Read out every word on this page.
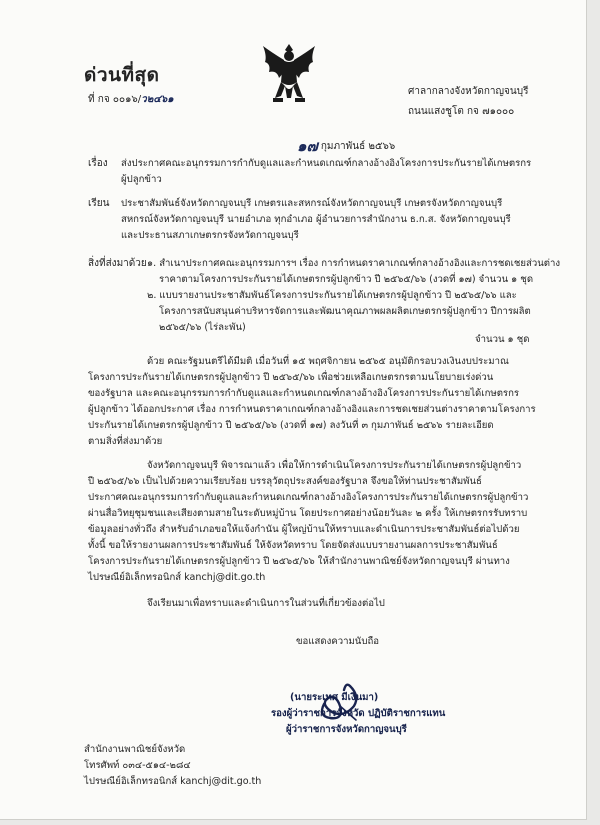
ด่วนที่สุด
ที่ กจ ๐๐๑๖/ว๒๔๖๑
ศาลากลางจังหวัดกาญจนบุรี
ถนนแสงชูโต กจ ๗๑๐๐๐
๑๗ กุมภาพันธ์ ๒๕๖๖
เรื่อง ส่งประกาศคณะอนุกรรมการกำกับดูแลและกำหนดเกณฑ์กลางอ้างอิงโครงการประกันรายได้เกษตรกร
ผู้ปลูกข้าว
เรียน ประชาสัมพันธ์จังหวัดกาญจนบุรี เกษตรและสหกรณ์จังหวัดกาญจนบุรี เกษตรจังหวัดกาญจนบุรี
สหกรณ์จังหวัดกาญจนบุรี นายอำเภอ ทุกอำเภอ ผู้อำนวยการสำนักงาน ธ.ก.ส. จังหวัดกาญจนบุรี
และประธานสภาเกษตรกรจังหวัดกาญจนบุรี
สิ่งที่ส่งมาด้วย ๑. สำเนาประกาศคณะอนุกรรมการฯ เรื่อง การกำหนดราคาเกณฑ์กลางอ้างอิงและการชดเชยส่วนต่าง
ราคาตามโครงการประกันรายได้เกษตรกรผู้ปลูกข้าว ปี ๒๕๖๕/๖๖ (งวดที่ ๑๗) จำนวน ๑ ชุด
๒. แบบรายงานประชาสัมพันธ์โครงการประกันรายได้เกษตรกรผู้ปลูกข้าว ปี ๒๕๖๕/๖๖ และ
โครงการสนับสนุนค่าบริหารจัดการและพัฒนาคุณภาพผลผลิตเกษตรกรผู้ปลูกข้าว ปีการผลิต
๒๕๖๕/๖๖ (ไร่ละพัน)
จำนวน ๑ ชุด
ด้วย คณะรัฐมนตรีได้มีมติ เมื่อวันที่ ๑๕ พฤศจิกายน ๒๕๖๕ อนุมัติกรอบวงเงินงบประมาณ
โครงการประกันรายได้เกษตรกรผู้ปลูกข้าว ปี ๒๕๖๕/๖๖ เพื่อช่วยเหลือเกษตรกรตามนโยบายเร่งด่วน
ของรัฐบาล และคณะอนุกรรมการกำกับดูแลและกำหนดเกณฑ์กลางอ้างอิงโครงการประกันรายได้เกษตรกร
ผู้ปลูกข้าว ได้ออกประกาศ เรื่อง การกำหนดราคาเกณฑ์กลางอ้างอิงและการชดเชยส่วนต่างราคาตามโครงการ
ประกันรายได้เกษตรกรผู้ปลูกข้าว ปี ๒๕๖๕/๖๖ (งวดที่ ๑๗) ลงวันที่ ๓ กุมภาพันธ์ ๒๕๖๖ รายละเอียด
ตามสิ่งที่ส่งมาด้วย
จังหวัดกาญจนบุรี พิจารณาแล้ว เพื่อให้การดำเนินโครงการประกันรายได้เกษตรกรผู้ปลูกข้าว
ปี ๒๕๖๕/๖๖ เป็นไปด้วยความเรียบร้อย บรรลุวัตถุประสงค์ของรัฐบาล จึงขอให้ท่านประชาสัมพันธ์
ประกาศคณะอนุกรรมการกำกับดูแลและกำหนดเกณฑ์กลางอ้างอิงโครงการประกันรายได้เกษตรกรผู้ปลูกข้าว
ผ่านสื่อวิทยุชุมชนและเสียงตามสายในระดับหมู่บ้าน โดยประกาศอย่างน้อยวันละ ๒ ครั้ง ให้เกษตรกรรับทราบ
ข้อมูลอย่างทั่วถึง สำหรับอำเภอขอให้แจ้งกำนัน ผู้ใหญ่บ้านให้ทราบและดำเนินการประชาสัมพันธ์ต่อไปด้วย
ทั้งนี้ ขอให้รายงานผลการประชาสัมพันธ์ ให้จังหวัดทราบ โดยจัดส่งแบบรายงานผลการประชาสัมพันธ์
โครงการประกันรายได้เกษตรกรผู้ปลูกข้าว ปี ๒๕๖๕/๖๖ ให้สำนักงานพาณิชย์จังหวัดกาญจนบุรี ผ่านทาง
ไปรษณีย์อิเล็กทรอนิกส์ kanchj@dit.go.th
จึงเรียนมาเพื่อทราบและดำเนินการในส่วนที่เกี่ยวข้องต่อไป
ขอแสดงความนับถือ
(นายระเทศ มีเงินมา)
รองผู้ว่าราชการจังหวัด ปฏิบัติราชการแทน
ผู้ว่าราชการจังหวัดกาญจนบุรี
สำนักงานพาณิชย์จังหวัด
โทรศัพท์ ๐๓๔-๕๑๔-๒๘๔
ไปรษณีย์อิเล็กทรอนิกส์ kanchj@dit.go.th
